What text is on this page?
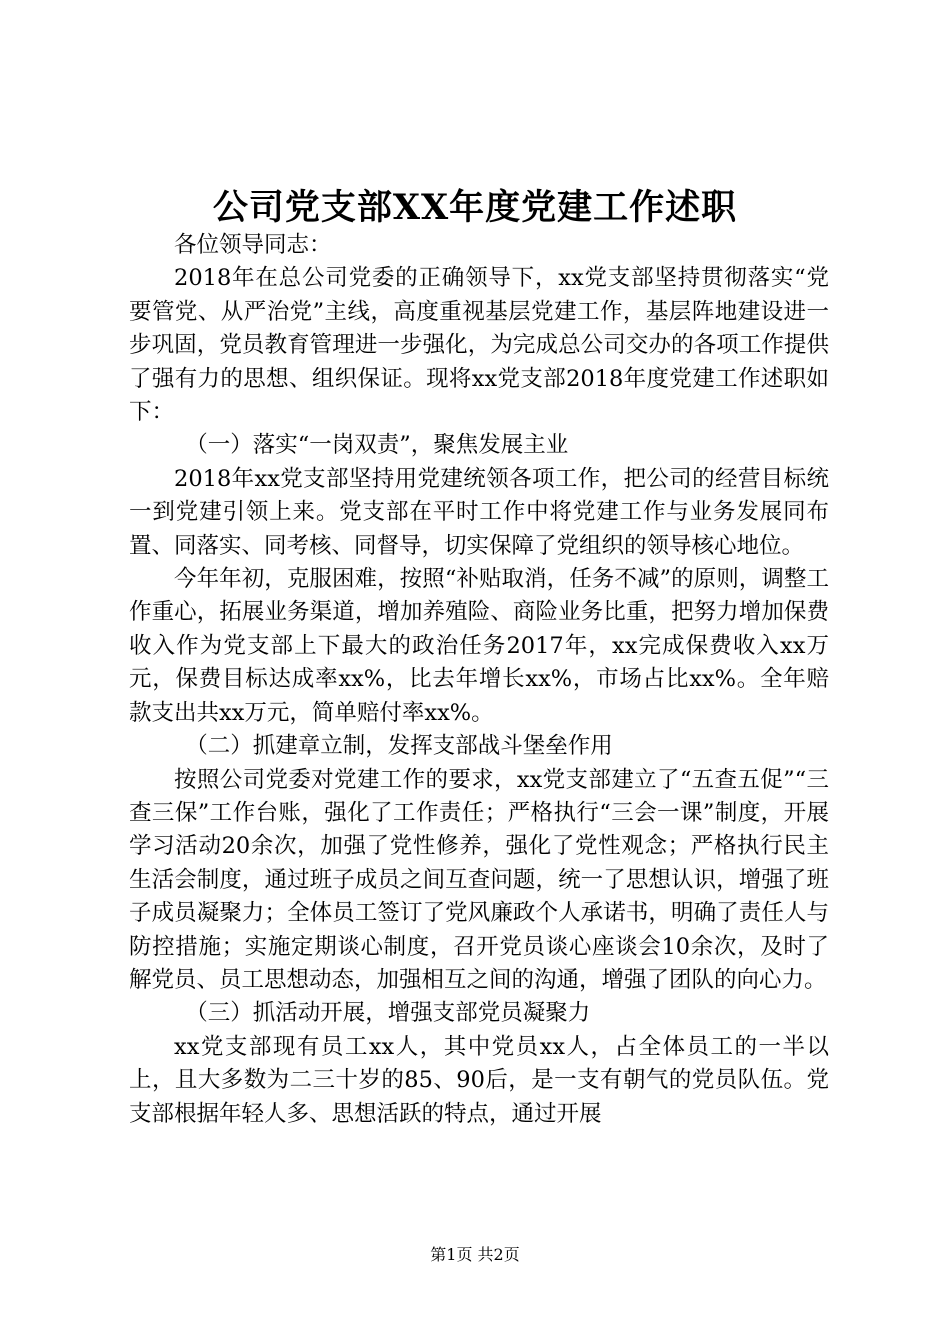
公司党支部XX年度党建工作述职

各位领导同志：

2018年在总公司党委的正确领导下，xx党支部坚持贯彻落实“党要管党、从严治党”主线，高度重视基层党建工作，基层阵地建设进一步巩固，党员教育管理进一步强化，为完成总公司交办的各项工作提供了强有力的思想、组织保证。现将xx党支部2018年度党建工作述职如下：

（一）落实“一岗双责”，聚焦发展主业

2018年xx党支部坚持用党建统领各项工作，把公司的经营目标统一到党建引领上来。党支部在平时工作中将党建工作与业务发展同布置、同落实、同考核、同督导，切实保障了党组织的领导核心地位。

今年年初，克服困难，按照“补贴取消，任务不减”的原则，调整工作重心，拓展业务渠道，增加养殖险、商险业务比重，把努力增加保费收入作为党支部上下最大的政治任务2017年，xx完成保费收入xx万元，保费目标达成率xx%，比去年增长xx%，市场占比xx%。全年赔款支出共xx万元，简单赔付率xx%。

（二）抓建章立制，发挥支部战斗堡垒作用

按照公司党委对党建工作的要求，xx党支部建立了“五查五促”“三查三保”工作台账，强化了工作责任；严格执行“三会一课”制度，开展学习活动20余次，加强了党性修养，强化了党性观念；严格执行民主生活会制度，通过班子成员之间互查问题，统一了思想认识，增强了班子成员凝聚力；全体员工签订了党风廉政个人承诺书，明确了责任人与防控措施；实施定期谈心制度，召开党员谈心座谈会10余次，及时了解党员、员工思想动态，加强相互之间的沟通，增强了团队的向心力。

（三）抓活动开展，增强支部党员凝聚力

xx党支部现有员工xx人，其中党员xx人，占全体员工的一半以上，且大多数为二三十岁的85、90后，是一支有朝气的党员队伍。党支部根据年轻人多、思想活跃的特点，通过开展

第1页 共2页
